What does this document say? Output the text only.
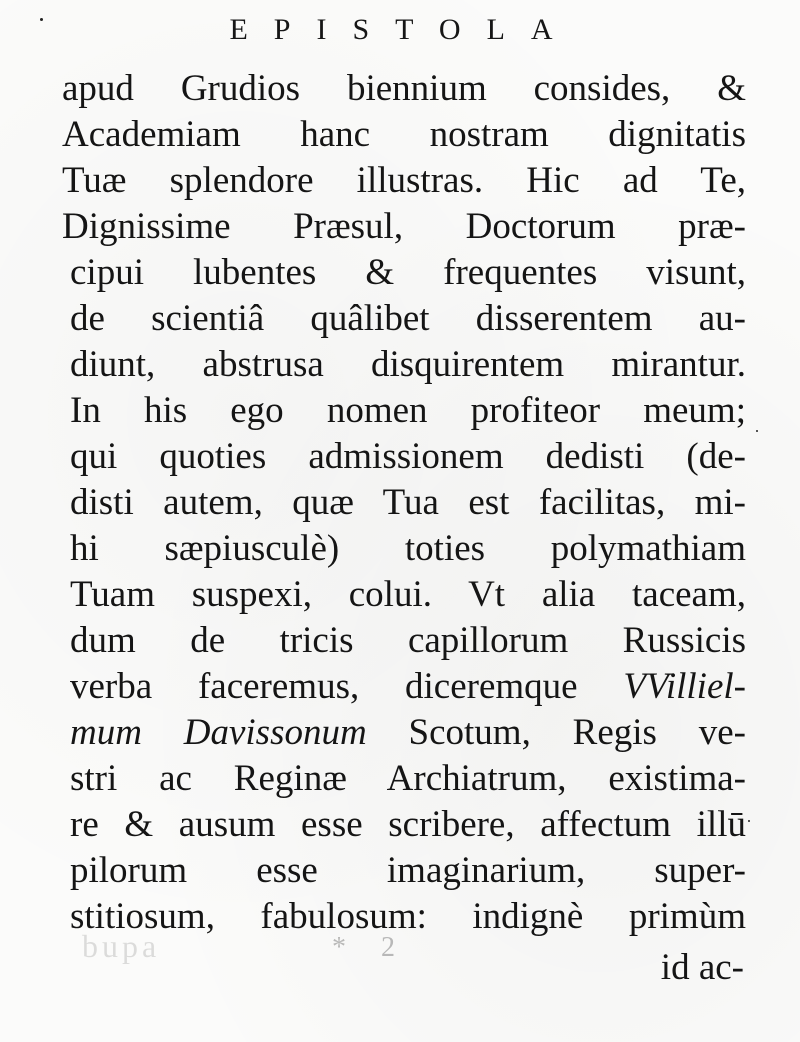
EPISTOLA
apud Grudios biennium consides, &
Academiam hanc nostram dignitatis
Tuæ splendore illustras. Hic ad Te,
Dignissime Præsul, Doctorum præ-
cipui lubentes & frequentes visunt,
de scientiâ quâlibet disserentem au-
diunt, abstrusa disquirentem mirantur.
In his ego nomen profiteor meum;
qui quoties admissionem dedisti (de-
disti autem, quæ Tua est facilitas, mi-
hi sæpiusculè) toties polymathiam
Tuam suspexi, colui. Vt alia taceam,
dum de tricis capillorum Russicis
verba faceremus, diceremque VVilliel-
mum Davissonum Scotum, Regis ve-
stri ac Reginæ Archiatrum, existima-
re & ausum esse scribere, affectum illū
pilorum esse imaginarium, super-
stitiosum, fabulosum: indignè primùm
bupa	* 2	id ac-
